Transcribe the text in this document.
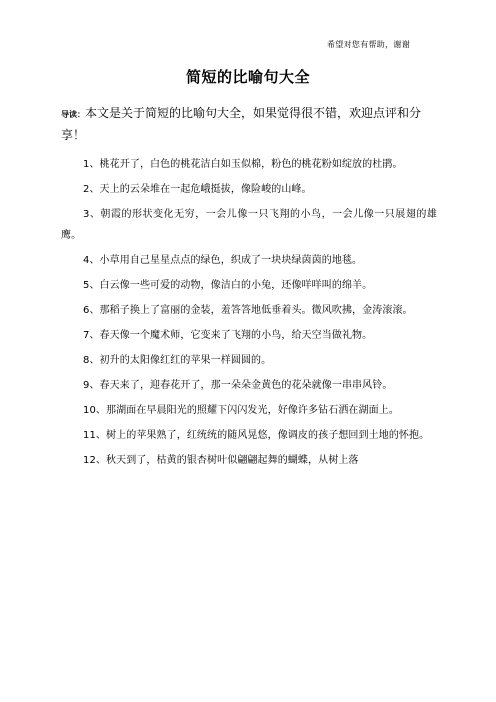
希望对您有帮助，谢谢
简短的比喻句大全
导读：本文是关于简短的比喻句大全，如果觉得很不错，欢迎点评和分享！

1、桃花开了，白色的桃花洁白如玉似棉，粉色的桃花粉如绽放的杜鹃。

2、天上的云朵堆在一起危峨挺拔，像险峻的山峰。

3、朝霞的形状变化无穷，一会儿像一只飞翔的小鸟，一会儿像一只展翅的雄鹰。

4、小草用自己星星点点的绿色，织成了一块块绿茵茵的地毯。

5、白云像一些可爱的动物，像洁白的小兔，还像咩咩叫的绵羊。

6、那稻子换上了富丽的金装，羞答答地低垂着头。微风吹拂，金涛滚滚。

7、春天像一个魔术师，它变来了飞翔的小鸟，给天空当做礼物。

8、初升的太阳像红红的苹果一样圆圆的。

9、春天来了，迎春花开了，那一朵朵金黄色的花朵就像一串串风铃。

10、那湖面在早晨阳光的照耀下闪闪发光，好像许多钻石洒在湖面上。

11、树上的苹果熟了，红统统的随风晃悠，像调皮的孩子想回到土地的怀抱。

12、秋天到了，枯黄的银杏树叶似翩翩起舞的蝴蝶，从树上落
